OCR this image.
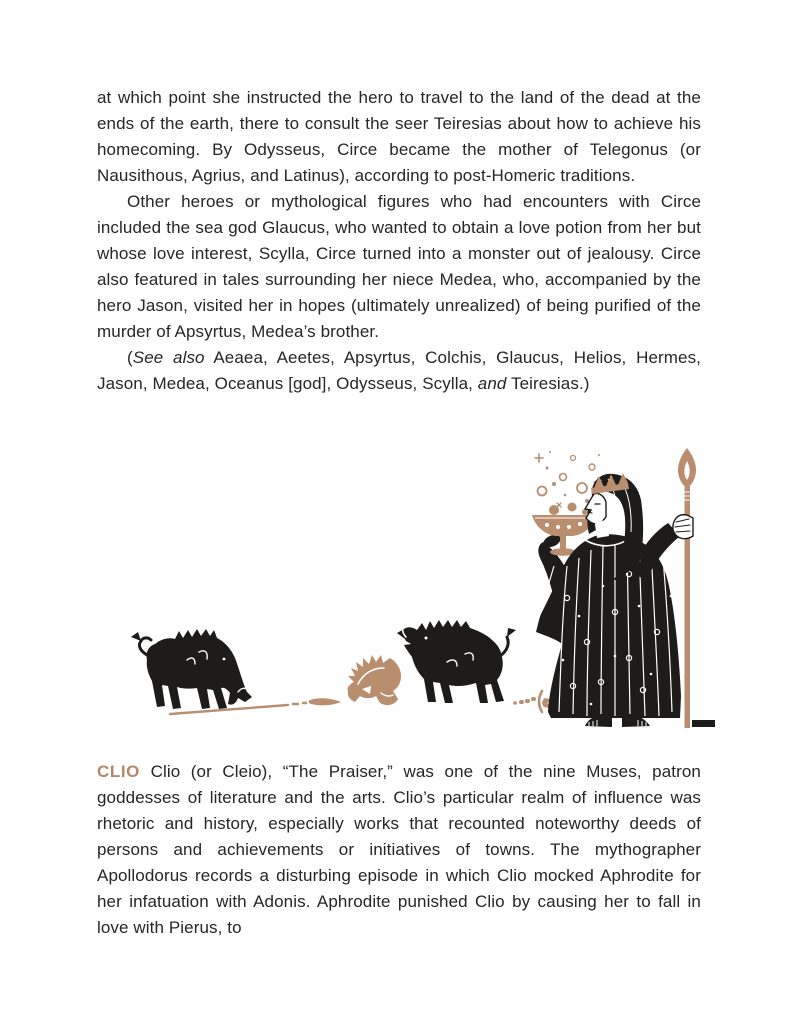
at which point she instructed the hero to travel to the land of the dead at the ends of the earth, there to consult the seer Teiresias about how to achieve his homecoming. By Odysseus, Circe became the mother of Telegonus (or Nausithous, Agrius, and Latinus), according to post-Homeric traditions.

Other heroes or mythological figures who had encounters with Circe included the sea god Glaucus, who wanted to obtain a love potion from her but whose love interest, Scylla, Circe turned into a monster out of jealousy. Circe also featured in tales surrounding her niece Medea, who, accompanied by the hero Jason, visited her in hopes (ultimately unrealized) of being purified of the murder of Apsyrtus, Medea’s brother.

(See also Aeaea, Aeetes, Apsyrtus, Colchis, Glaucus, Helios, Hermes, Jason, Medea, Oceanus [god], Odysseus, Scylla, and Teiresias.)

CLIO Clio (or Cleio), “The Praiser,” was one of the nine Muses, patron goddesses of literature and the arts. Clio’s particular realm of influence was rhetoric and history, especially works that recounted noteworthy deeds of persons and achievements or initiatives of towns. The mythographer Apollodorus records a disturbing episode in which Clio mocked Aphrodite for her infatuation with Adonis. Aphrodite punished Clio by causing her to fall in love with Pierus, to
